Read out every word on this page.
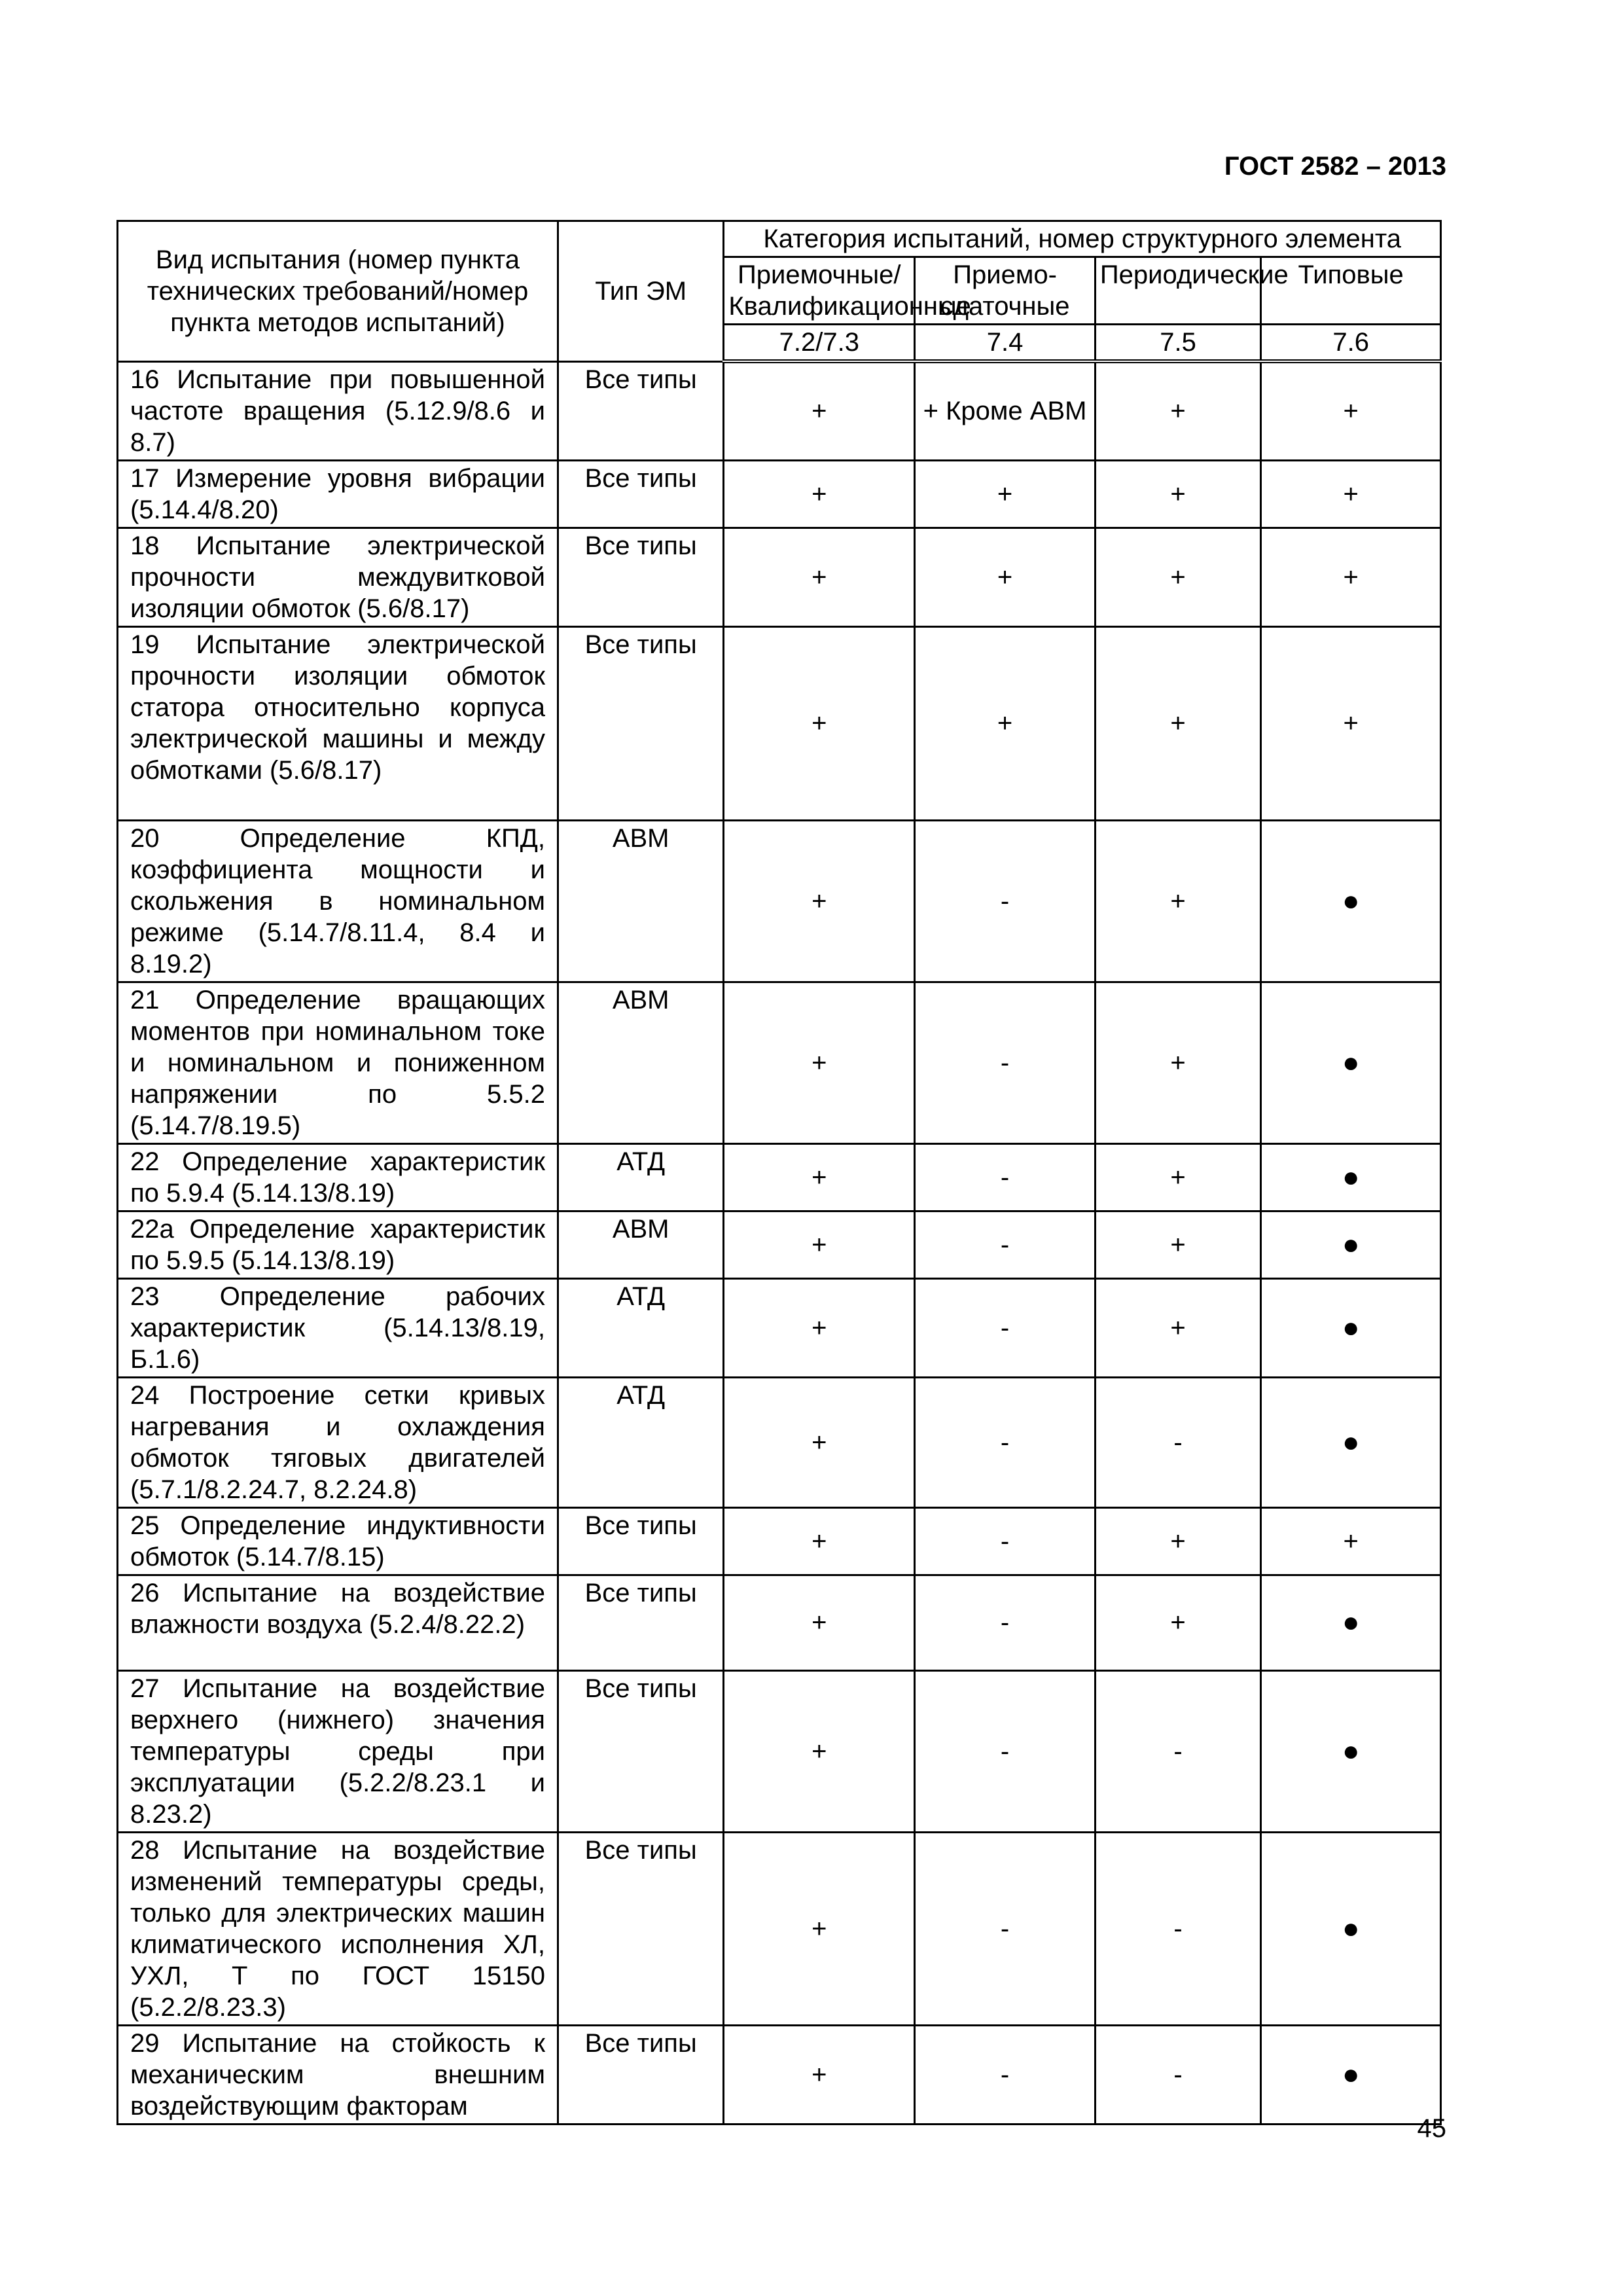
ГОСТ 2582 – 2013
Вид испытания (номер пункта технических требований/номер пункта методов испытаний)	Тип ЭМ	Категория испытаний, номер структурного элемента			
		Приемочные/Квалификационные	Приемо-сдаточные	Периодические	Типовые
		7.2/7.3	7.4	7.5	7.6
16 Испытание при повышенной частоте вращения (5.12.9/8.6 и 8.7)	Все типы	+	+ Кроме АВМ	+	+
17 Измерение уровня вибрации (5.14.4/8.20)	Все типы	+	+	+	+
18 Испытание электрической прочности междувитковой изоляции обмоток (5.6/8.17)	Все типы	+	+	+	+
19 Испытание электрической прочности изоляции обмоток статора относительно корпуса электрической машины и между обмотками (5.6/8.17)	Все типы	+	+	+	+
20 Определение КПД, коэффициента мощности и скольжения в номинальном режиме (5.14.7/8.11.4, 8.4 и 8.19.2)	АВМ	+	-	+	●
21 Определение вращающих моментов при номинальном токе и номинальном и пониженном напряжении по 5.5.2 (5.14.7/8.19.5)	АВМ	+	-	+	●
22 Определение характеристик по 5.9.4 (5.14.13/8.19)	АТД	+	-	+	●
22а Определение характеристик по 5.9.5 (5.14.13/8.19)	АВМ	+	-	+	●
23 Определение рабочих характеристик (5.14.13/8.19, Б.1.6)	АТД	+	-	+	●
24 Построение сетки кривых нагревания и охлаждения обмоток тяговых двигателей (5.7.1/8.2.24.7, 8.2.24.8)	АТД	+	-	-	●
25 Определение индуктивности обмоток (5.14.7/8.15)	Все типы	+	-	+	+
26 Испытание на воздействие влажности воздуха (5.2.4/8.22.2)	Все типы	+	-	+	●
27 Испытание на воздействие верхнего (нижнего) значения температуры среды при эксплуатации (5.2.2/8.23.1 и 8.23.2)	Все типы	+	-	-	●
28 Испытание на воздействие изменений температуры среды, только для электрических машин климатического исполнения ХЛ, УХЛ, Т по ГОСТ 15150 (5.2.2/8.23.3)	Все типы	+	-	-	●
29 Испытание на стойкость к механическим внешним воздействующим факторам	Все типы	+	-	-	●
45
